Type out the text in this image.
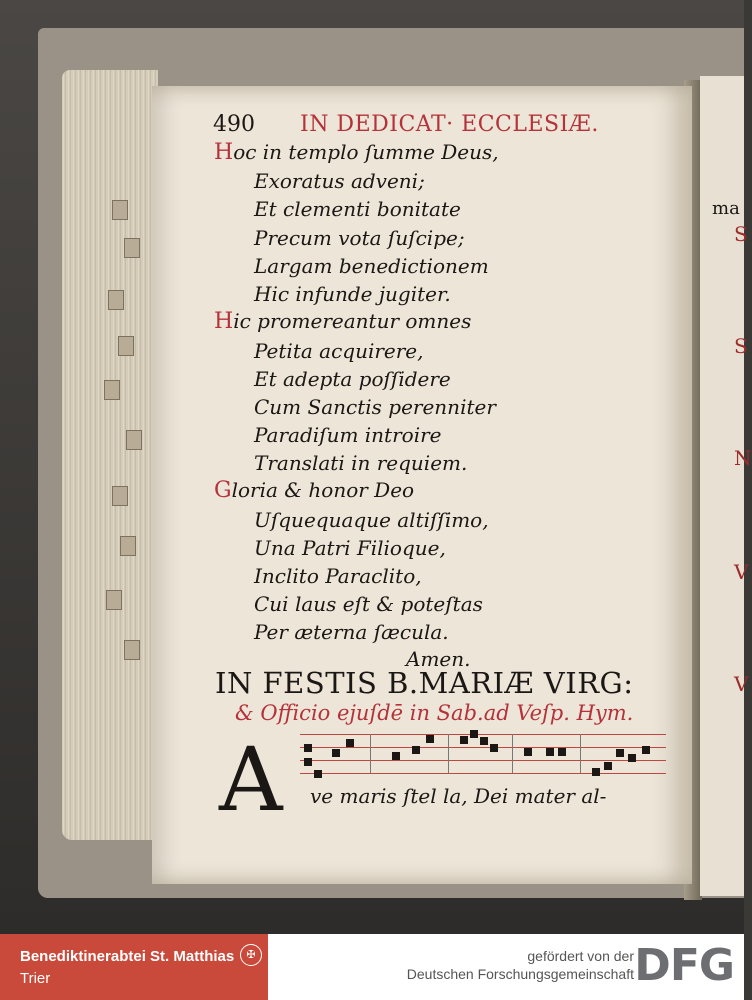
ma
S
S
N
V
V
490 IN DEDICAT· ECCLESIÆ.
Hoc in templo ſumme Deus,
Exoratus adveni;
Et clementi bonitate
Precum vota ſuſcipe;
Largam benedictionem
Hic infunde jugiter.
Hic promereantur omnes
Petita acquirere,
Et adepta poſſidere
Cum Sanctis perenniter
Paradiſum introire
Translati in requiem.
Gloria & honor Deo
Uſquequaque altiſſimo,
Una Patri Filioque,
Inclito Paraclito,
Cui laus eſt & poteſtas
Per æterna ſæcula.
Amen.
IN FESTIS B.MARIÆ VIRG:
& Officio ejuſdē in Sab.ad Veſp. Hym.
A ve maris ſtel la, Dei mater al-
Benediktinerabtei St. Matthias
Trier
✠	gefördert von der
Deutschen Forschungsgemeinschaft DFG
